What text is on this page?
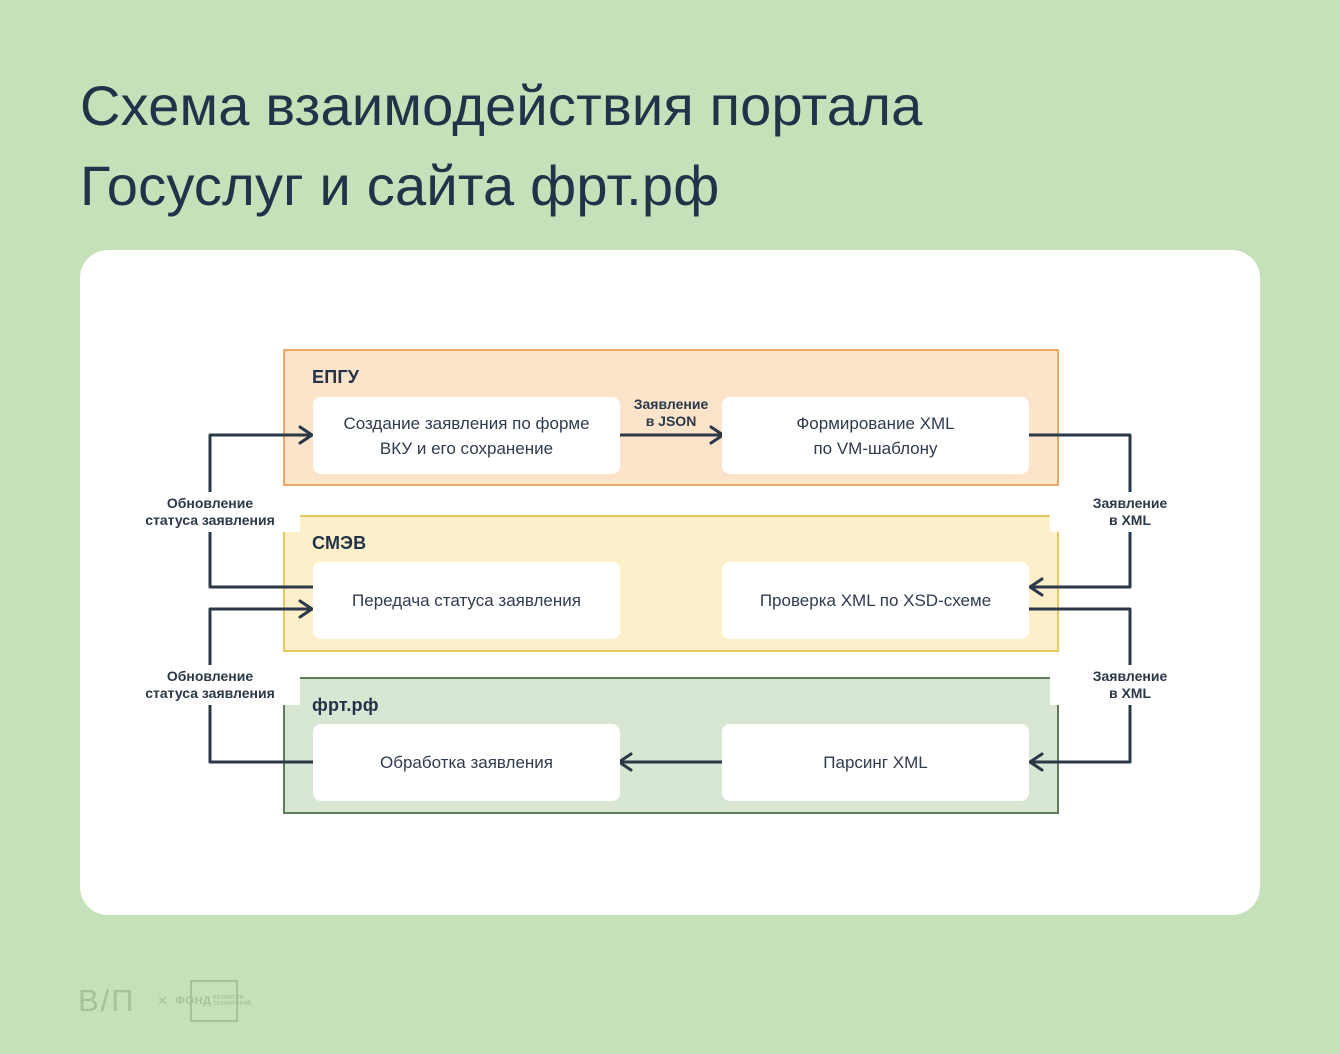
Схема взаимодействия портала
Госуслуг и сайта фрт.рф
ЕПГУ
СМЭВ
фрт.рф
Создание заявления по форме
ВКУ и его сохранение
Формирование XML
по VM-шаблону
Передача статуса заявления	Проверка XML по XSD-схеме
Обработка заявления	Парсинг XML
Заявление
в JSON
Обновление
статуса заявления
Обновление
статуса заявления
Заявление
в XML
Заявление
в XML
В/П × ФОНД РАЗВИТИЯ
ТЕРРИТОРИЙ
